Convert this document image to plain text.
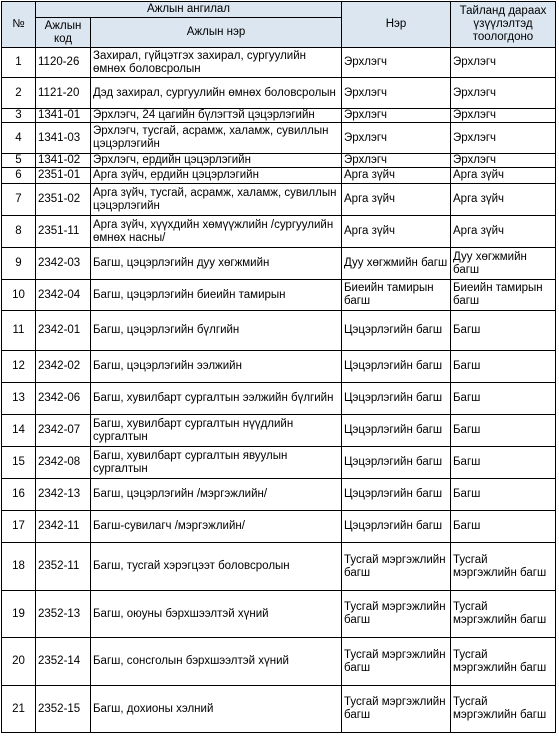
№	Ажлын ангилал		Нэр	Тайланд дараах үзүүлэлтэд тоологдоно
	Ажлын код	Ажлын нэр		
1	1120-26	Захирал, гүйцэтгэх захирал, сургуулийн өмнөх боловсролын	Эрхлэгч	Эрхлэгч
2	1121-20	Дэд захирал, сургуулийн өмнөх боловсролын	Эрхлэгч	Эрхлэгч
3	1341-01	Эрхлэгч, 24 цагийн бүлэгтэй цэцэрлэгийн	Эрхлэгч	Эрхлэгч
4	1341-03	Эрхлэгч, тусгай, асрамж, халамж, сувиллын цэцэрлэгийн	Эрхлэгч	Эрхлэгч
5	1341-02	Эрхлэгч, ердийн цэцэрлэгийн	Эрхлэгч	Эрхлэгч
6	2351-01	Арга зүйч, ердийн цэцэрлэгийн	Арга зүйч	Арга зүйч
7	2351-02	Арга зүйч, тусгай, асрамж, халамж, сувиллын цэцэрлэгийн	Арга зүйч	Арга зүйч
8	2351-11	Арга зүйч, хүүхдийн хөмүүжлийн /сургуулийн өмнөх насны/	Арга зүйч	Арга зүйч
9	2342-03	Багш, цэцэрлэгийн дуу хөгжмийн	Дуу хөгжмийн багш	Дуу хөгжмийн багш
10	2342-04	Багш, цэцэрлэгийн биеийн тамирын	Биеийн тамирын багш	Биеийн тамирын багш
11	2342-01	Багш, цэцэрлэгийн бүлгийн	Цэцэрлэгийн багш	Багш
12	2342-02	Багш, цэцэрлэгийн ээлжийн	Цэцэрлэгийн багш	Багш
13	2342-06	Багш, хувилбарт сургалтын ээлжийн бүлгийн	Цэцэрлэгийн багш	Багш
14	2342-07	Багш, хувилбарт сургалтын нүүдлийн сургалтын	Цэцэрлэгийн багш	Багш
15	2342-08	Багш, хувилбарт сургалтын явуулын сургалтын	Цэцэрлэгийн багш	Багш
16	2342-13	Багш, цэцэрлэгийн /мэргэжлийн/	Цэцэрлэгийн багш	Багш
17	2342-11	Багш-сувилагч /мэргэжлийн/	Цэцэрлэгийн багш	Багш
18	2352-11	Багш, тусгай хэрэгцээт боловсролын	Тусгай мэргэжлийн багш	Тусгай мэргэжлийн багш
19	2352-13	Багш, оюуны бэрхшээлтэй хүний	Тусгай мэргэжлийн багш	Тусгай мэргэжлийн багш
20	2352-14	Багш, сонсголын бэрхшээлтэй хүний	Тусгай мэргэжлийн багш	Тусгай мэргэжлийн багш
21	2352-15	Багш, дохионы хэлний	Тусгай мэргэжлийн багш	Тусгай мэргэжлийн багш
